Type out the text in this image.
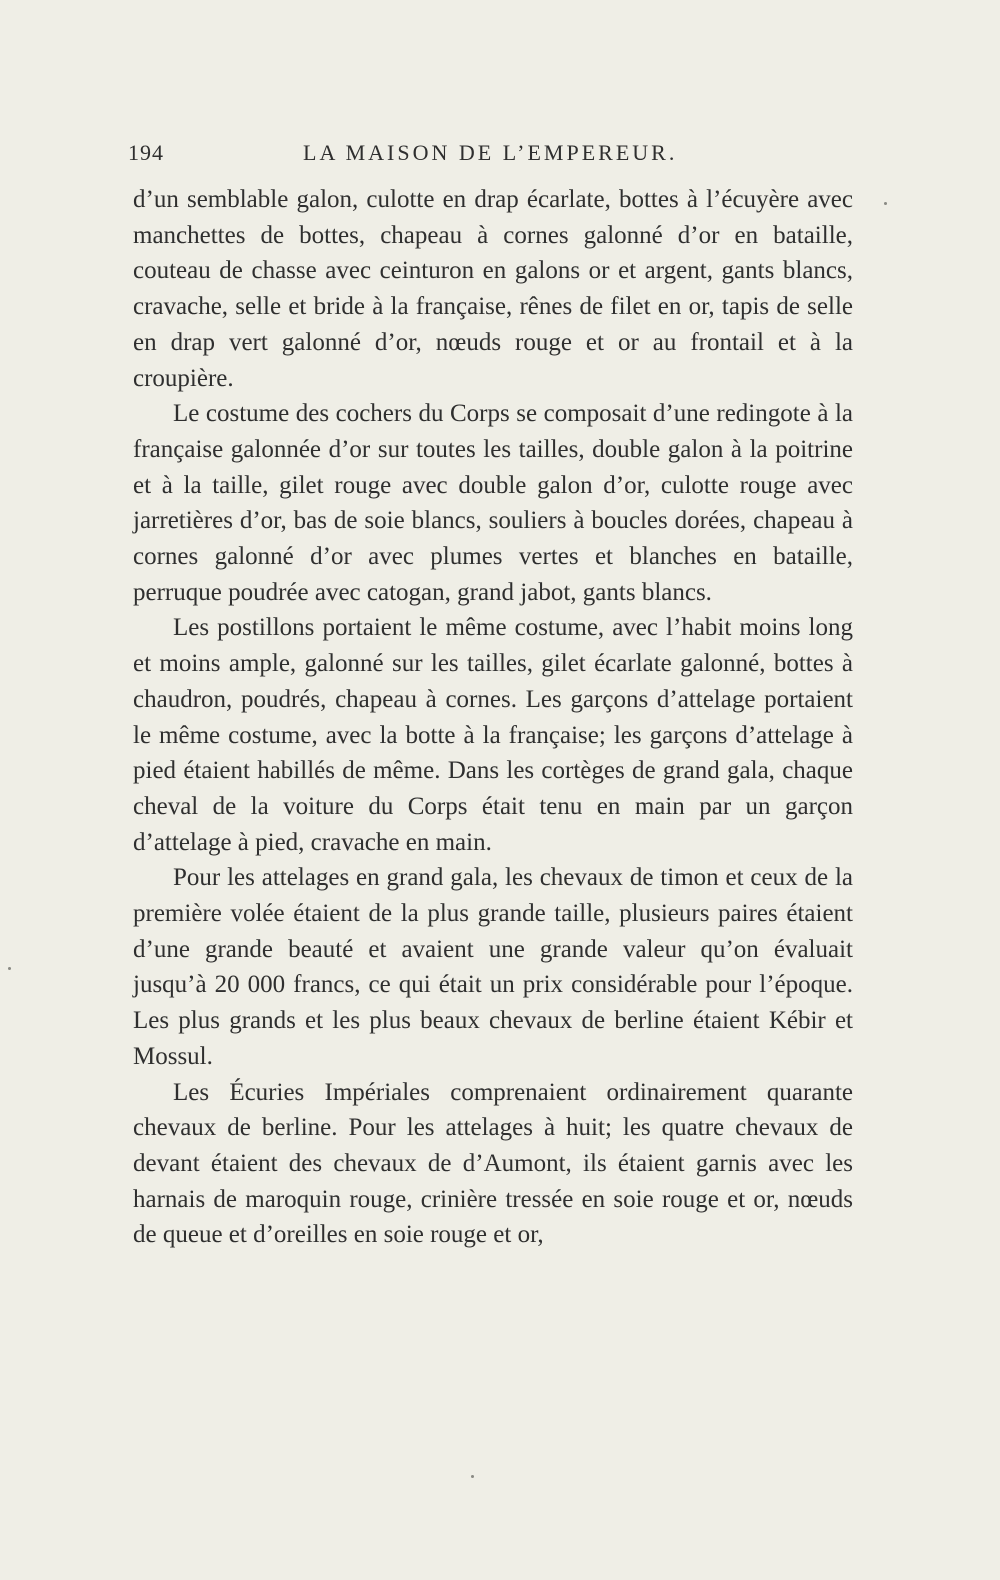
194	LA MAISON DE L’EMPEREUR.

d’un semblable galon, culotte en drap écarlate, bottes à l’écuyère avec manchettes de bottes, chapeau à cornes galonné d’or en bataille, couteau de chasse avec ceinturon en galons or et argent, gants blancs, cravache, selle et bride à la française, rênes de filet en or, tapis de selle en drap vert galonné d’or, nœuds rouge et or au frontail et à la croupière.

Le costume des cochers du Corps se composait d’une redingote à la française galonnée d’or sur toutes les tailles, double galon à la poitrine et à la taille, gilet rouge avec double galon d’or, culotte rouge avec jarretières d’or, bas de soie blancs, souliers à boucles dorées, chapeau à cornes galonné d’or avec plumes vertes et blanches en bataille, perruque poudrée avec catogan, grand jabot, gants blancs.

Les postillons portaient le même costume, avec l’habit moins long et moins ample, galonné sur les tailles, gilet écarlate galonné, bottes à chaudron, poudrés, chapeau à cornes. Les garçons d’attelage portaient le même costume, avec la botte à la française; les garçons d’attelage à pied étaient habillés de même. Dans les cortèges de grand gala, chaque cheval de la voiture du Corps était tenu en main par un garçon d’attelage à pied, cravache en main.

Pour les attelages en grand gala, les chevaux de timon et ceux de la première volée étaient de la plus grande taille, plusieurs paires étaient d’une grande beauté et avaient une grande valeur qu’on évaluait jusqu’à 20 000 francs, ce qui était un prix considérable pour l’époque. Les plus grands et les plus beaux chevaux de berline étaient Kébir et Mossul.

Les Écuries Impériales comprenaient ordinairement quarante chevaux de berline. Pour les attelages à huit; les quatre chevaux de devant étaient des chevaux de d’Aumont, ils étaient garnis avec les harnais de maroquin rouge, crinière tressée en soie rouge et or, nœuds de queue et d’oreilles en soie rouge et or,
